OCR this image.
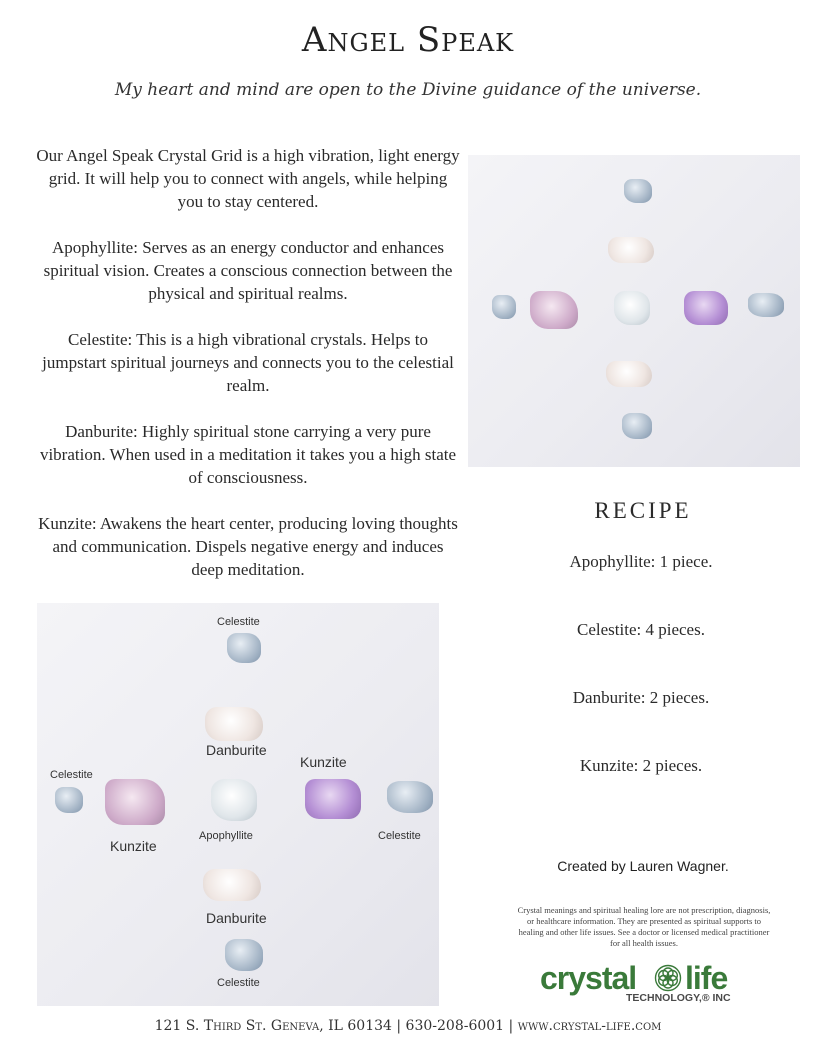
Angel Speak
My heart and mind are open to the Divine guidance of the universe.

Our Angel Speak Crystal Grid is a high vibration, light energy grid. It will help you to connect with angels, while helping you to stay centered.

Apophyllite: Serves as an energy conductor and enhances spiritual vision. Creates a conscious connection between the physical and spiritual realms.

Celestite: This is a high vibrational crystals. Helps to jumpstart spiritual journeys and connects you to the celestial realm.

Danburite: Highly spiritual stone carrying a very pure vibration. When used in a meditation it takes you a high state of consciousness.

Kunzite: Awakens the heart center, producing loving thoughts and communication. Dispels negative energy and induces deep meditation.

Celestite
Danburite
Kunzite
Celestite
Kunzite
Apophyllite	Celestite
Danburite
Celestite
RECIPE
Apophyllite: 1 piece.
Celestite: 4 pieces.
Danburite: 2 pieces.
Kunzite: 2 pieces.
Created by Lauren Wagner.
Crystal meanings and spiritual healing lore are not prescription, diagnosis, or healthcare information. They are presented as spiritual supports to healing and other life issues. See a doctor or licensed medical practitioner for all health issues.
crystal life
TECHNOLOGY,® INC
121 S. Third St. Geneva, IL 60134 | 630-208-6001 | www.crystal-life.com
